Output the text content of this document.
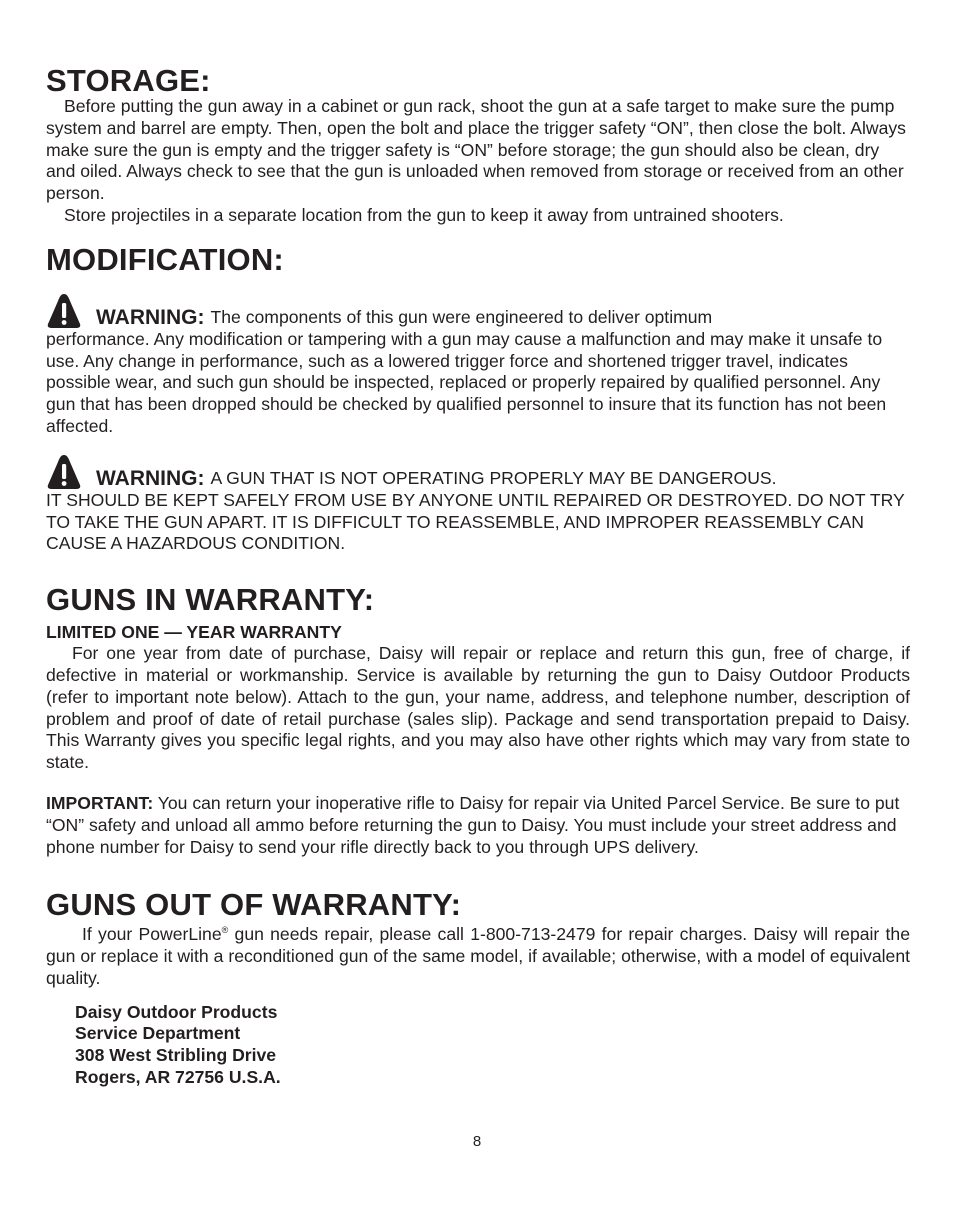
STORAGE:

Before putting the gun away in a cabinet or gun rack, shoot the gun at a safe target to make sure the pump system and barrel are empty. Then, open the bolt and place the trigger safety “ON”, then close the bolt. Always make sure the gun is empty and the trigger safety is “ON” before storage; the gun should also be clean, dry and oiled. Always check to see that the gun is unloaded when removed from storage or received from an other person.

Store projectiles in a separate location from the gun to keep it away from untrained shooters.

MODIFICATION:
WARNING: The components of this gun were engineered to deliver optimum

performance. Any modification or tampering with a gun may cause a malfunction and may make it unsafe to use. Any change in performance, such as a lowered trigger force and shortened trigger travel, indicates possible wear, and such gun should be inspected, replaced or properly repaired by qualified personnel. Any gun that has been dropped should be checked by qualified personnel to insure that its function has not been affected.

WARNING: A GUN THAT IS NOT OPERATING PROPERLY MAY BE DANGEROUS.

IT SHOULD BE KEPT SAFELY FROM USE BY ANYONE UNTIL REPAIRED OR DESTROYED. DO NOT TRY TO TAKE THE GUN APART. IT IS DIFFICULT TO REASSEMBLE, AND IMPROPER REASSEMBLY CAN CAUSE A HAZARDOUS CONDITION.

GUNS IN WARRANTY:
LIMITED ONE — YEAR WARRANTY

For one year from date of purchase, Daisy will repair or replace and return this gun, free of charge, if defective in material or workmanship. Service is available by returning the gun to Daisy Outdoor Products (refer to important note below). Attach to the gun, your name, address, and telephone number, description of problem and proof of date of retail purchase (sales slip). Package and send transportation prepaid to Daisy. This Warranty gives you specific legal rights, and you may also have other rights which may vary from state to state.

IMPORTANT: You can return your inoperative rifle to Daisy for repair via United Parcel Service. Be sure to put “ON” safety and unload all ammo before returning the gun to Daisy. You must include your street address and phone number for Daisy to send your rifle directly back to you through UPS delivery.

GUNS OUT OF WARRANTY:

If your PowerLine® gun needs repair, please call 1-800-713-2479 for repair charges. Daisy will repair the gun or replace it with a reconditioned gun of the same model, if available; otherwise, with a model of equivalent quality.

Daisy Outdoor Products
Service Department
308 West Stribling Drive
Rogers, AR 72756 U.S.A.
8
